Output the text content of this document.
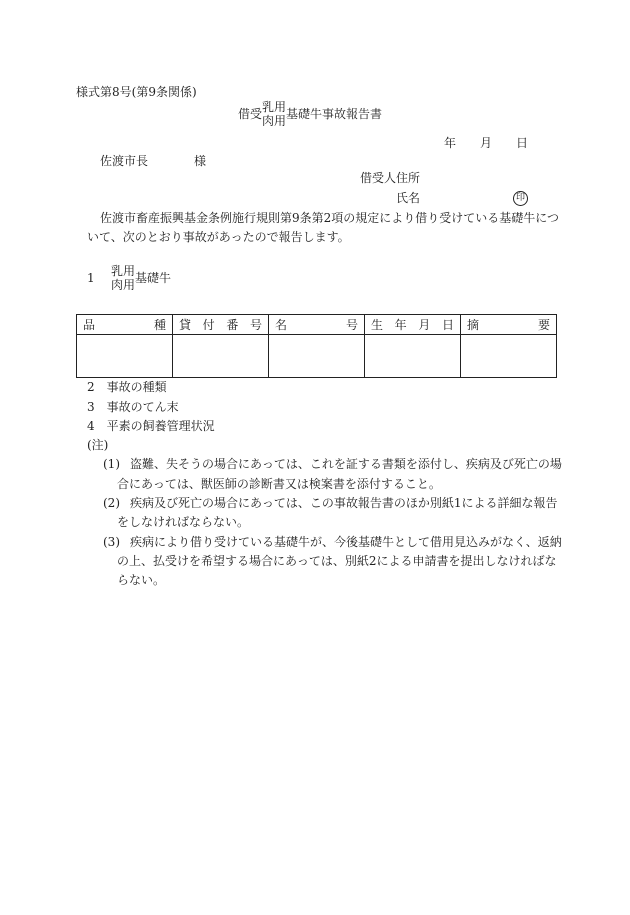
様式第8号(第9条関係)
借受 乳用
肉用 基礎牛事故報告書
年 月 日
佐渡市長	様
借受人住所
氏名	印
佐渡市畜産振興基金条例施行規則第9条第2項の規定により借り受けている基礎牛につ
いて、次のとおり事故があったので報告します。
1	乳用
肉用 基礎牛
品 種	貸 付 番 号	名 号	生 年 月 日	摘 要

2　事故の種類
3　事故のてん末
4　平素の飼養管理状況
(注)
(1) 盗難、失そうの場合にあっては、これを証する書類を添付し、疾病及び死亡の場
合にあっては、獣医師の診断書又は検案書を添付すること。
(2) 疾病及び死亡の場合にあっては、この事故報告書のほか別紙1による詳細な報告
をしなければならない。
(3) 疾病により借り受けている基礎牛が、今後基礎牛として借用見込みがなく、返納
の上、払受けを希望する場合にあっては、別紙2による申請書を提出しなければな
らない。
